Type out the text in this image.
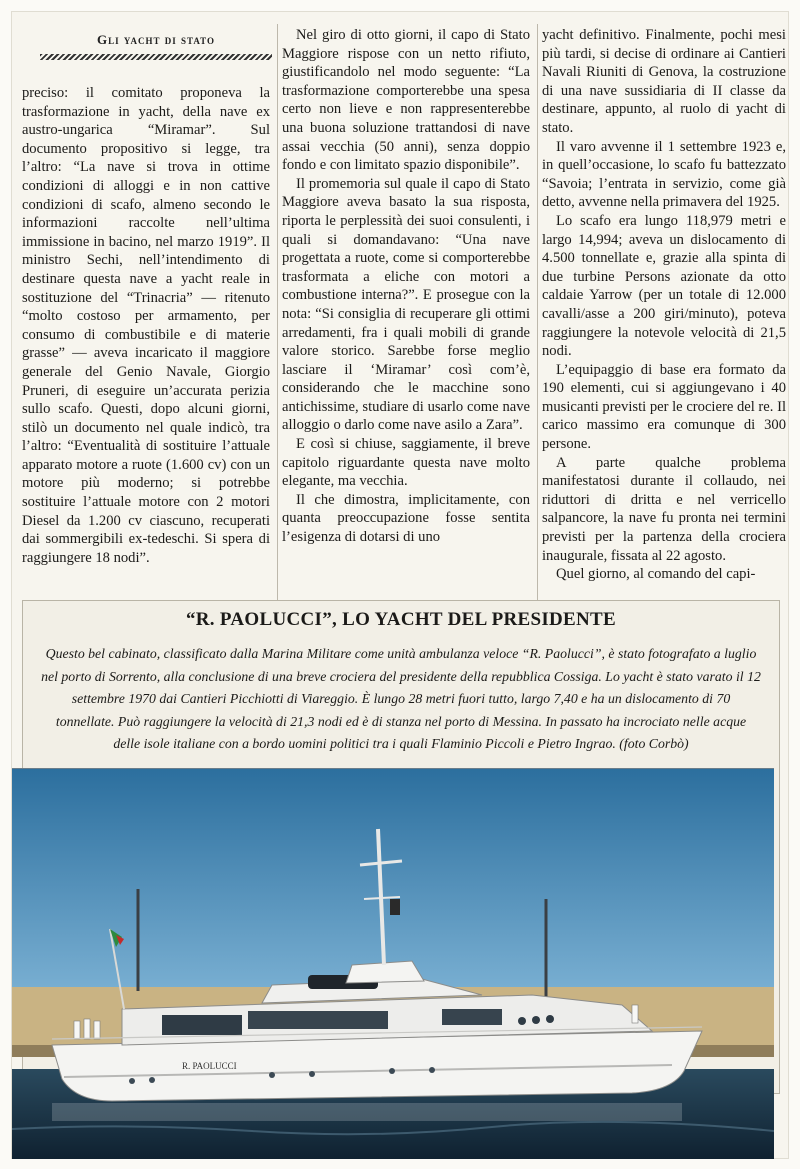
Gli yacht di stato

preciso: il comitato proponeva la trasformazione in yacht, della nave ex austro-ungarica “Miramar”. Sul documento propositivo si legge, tra l’altro: “La nave si trova in ottime condizioni di alloggi e in non cattive condizioni di scafo, almeno secondo le informazioni raccolte nell’ultima immissione in bacino, nel marzo 1919”. Il ministro Sechi, nell’intendimento di destinare questa nave a yacht reale in sostituzione del “Trinacria” — ritenuto “molto costoso per armamento, per consumo di combustibile e di materie grasse” — aveva incaricato il maggiore generale del Genio Navale, Giorgio Pruneri, di eseguire un’accurata perizia sullo scafo. Questi, dopo alcuni giorni, stilò un documento nel quale indicò, tra l’altro: “Eventualità di sostituire l’attuale apparato motore a ruote (1.600 cv) con un motore più moderno; si potrebbe sostituire l’attuale motore con 2 motori Diesel da 1.200 cv ciascuno, recuperati dai sommergibili ex-tedeschi. Si spera di raggiungere 18 nodi”.

Nel giro di otto giorni, il capo di Stato Maggiore rispose con un netto rifiuto, giustificandolo nel modo seguente: “La trasformazione comporterebbe una spesa certo non lieve e non rappresenterebbe una buona soluzione trattandosi di nave assai vecchia (50 anni), senza doppio fondo e con limitato spazio disponibile”.

Il promemoria sul quale il capo di Stato Maggiore aveva basato la sua risposta, riporta le perplessità dei suoi consulenti, i quali si domandavano: “Una nave progettata a ruote, come si comporterebbe trasformata a eliche con motori a combustione interna?”. E prosegue con la nota: “Si consiglia di recuperare gli ottimi arredamenti, fra i quali mobili di grande valore storico. Sarebbe forse meglio lasciare il ‘Miramar’ così com’è, considerando che le macchine sono antichissime, studiare di usarlo come nave alloggio o darlo come nave asilo a Zara”.

E così si chiuse, saggiamente, il breve capitolo riguardante questa nave molto elegante, ma vecchia.

Il che dimostra, implicitamente, con quanta preoccupazione fosse sentita l’esigenza di dotarsi di uno

yacht definitivo. Finalmente, pochi mesi più tardi, si decise di ordinare ai Cantieri Navali Riuniti di Genova, la costruzione di una nave sussidiaria di II classe da destinare, appunto, al ruolo di yacht di stato.

Il varo avvenne il 1 settembre 1923 e, in quell’occasione, lo scafo fu battezzato “Savoia; l’entrata in servizio, come già detto, avvenne nella primavera del 1925.

Lo scafo era lungo 118,979 metri e largo 14,994; aveva un dislocamento di 4.500 tonnellate e, grazie alla spinta di due turbine Persons azionate da otto caldaie Yarrow (per un totale di 12.000 cavalli/asse a 200 giri/minuto), poteva raggiungere la notevole velocità di 21,5 nodi.

L’equipaggio di base era formato da 190 elementi, cui si aggiungevano i 40 musicanti previsti per le crociere del re. Il carico massimo era comunque di 300 persone.

A parte qualche problema manifestatosi durante il collaudo, nei riduttori di dritta e nel verricello salpancore, la nave fu pronta nei termini previsti per la partenza della crociera inaugurale, fissata al 22 agosto.

Quel giorno, al comando del capi-

“R. PAOLUCCI”, LO YACHT DEL PRESIDENTE
Questo bel cabinato, classificato dalla Marina Militare come unità ambulanza veloce “R. Paolucci”, è stato fotografato a luglio nel porto di Sorrento, alla conclusione di una breve crociera del presidente della repubblica Cossiga. Lo yacht è stato varato il 12 settembre 1970 dai Cantieri Picchiotti di Viareggio. È lungo 28 metri fuori tutto, largo 7,40 e ha un dislocamento di 70 tonnellate. Può raggiungere la velocità di 21,3 nodi ed è di stanza nel porto di Messina. In passato ha incrociato nelle acque delle isole italiane con a bordo uomini politici tra i quali Flaminio Piccoli e Pietro Ingrao. (foto Corbò)
R. PAOLUCCI
